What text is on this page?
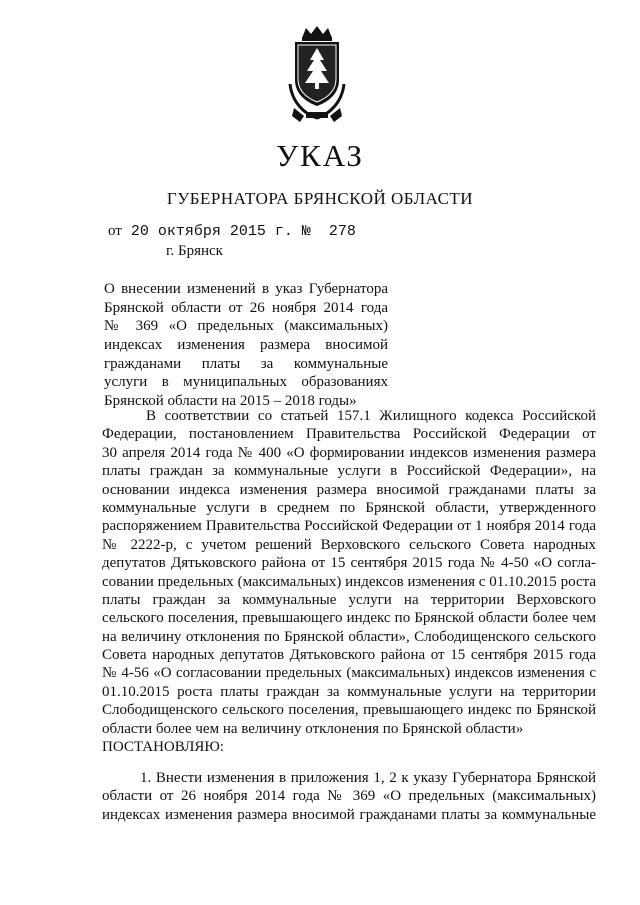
УКАЗ
ГУБЕРНАТОРА БРЯНСКОЙ ОБЛАСТИ
от 20 октября 2015 г. № 278
г. Брянск
О внесении изменений в указ Губернатора
Брянской области от 26 ноября 2014 года
№ 369 «О предельных (максимальных)
индексах изменения размера вносимой
гражданами платы за коммунальные
услуги в муниципальных образованиях
Брянской области на 2015 – 2018 годы»
В соответствии со статьей 157.1 Жилищного кодекса Российской
Федерации, постановлением Правительства Российской Федерации от
30 апреля 2014 года № 400 «О формировании индексов изменения размера
платы граждан за коммунальные услуги в Российской Федерации», на
основании индекса изменения размера вносимой гражданами платы за
коммунальные услуги в среднем по Брянской области, утвержденного
распоряжением Правительства Российской Федерации от 1 ноября 2014 года
№ 2222-р, с учетом решений Верховского сельского Совета народных
депутатов Дятьковского района от 15 сентября 2015 года № 4-50 «О согла-
совании предельных (максимальных) индексов изменения с 01.10.2015 роста
платы граждан за коммунальные услуги на территории Верховского
сельского поселения, превышающего индекс по Брянской области более чем
на величину отклонения по Брянской области», Слободищенского сельского
Совета народных депутатов Дятьковского района от 15 сентября 2015 года
№ 4-56 «О согласовании предельных (максимальных) индексов изменения с
01.10.2015 роста платы граждан за коммунальные услуги на территории
Слободищенского сельского поселения, превышающего индекс по Брянской
области более чем на величину отклонения по Брянской области»
ПОСТАНОВЛЯЮ:
1. Внести изменения в приложения 1, 2 к указу Губернатора Брянской
области от 26 ноября 2014 года № 369 «О предельных (максимальных)
индексах изменения размера вносимой гражданами платы за коммунальные
